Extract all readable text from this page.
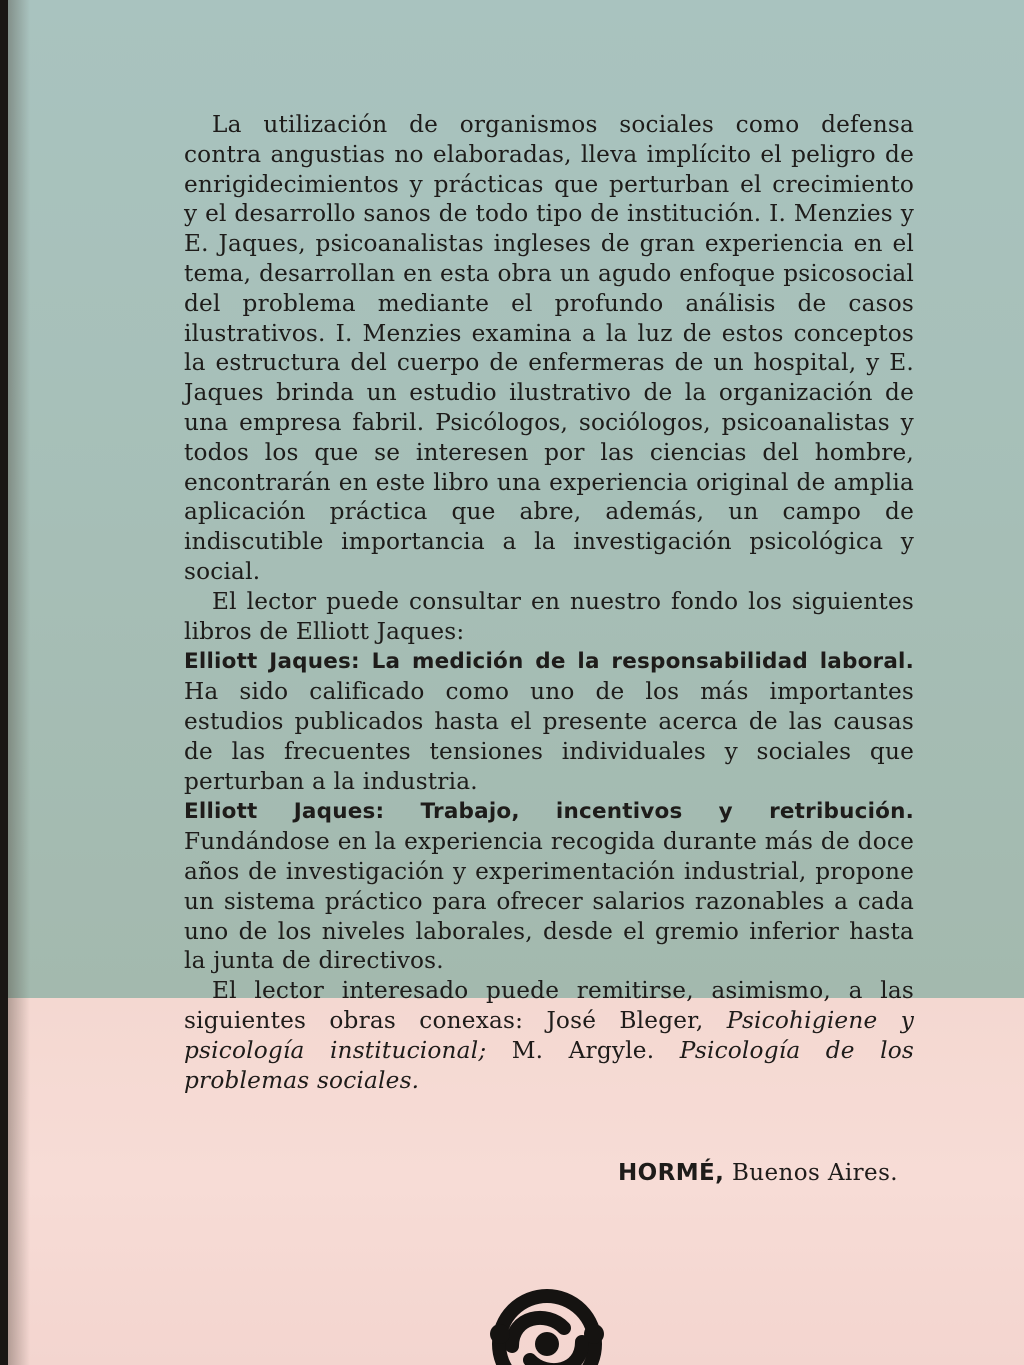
La utilización de organismos sociales como defensa contra angustias no elaboradas, lleva implícito el peligro de enrigidecimientos y prácticas que perturban el crecimiento y el desarrollo sanos de todo tipo de institución. I. Menzies y E. Jaques, psicoanalistas ingleses de gran experiencia en el tema, desarrollan en esta obra un agudo enfoque psicosocial del problema mediante el profundo análisis de casos ilustrativos. I. Menzies examina a la luz de estos conceptos la estructura del cuerpo de enfermeras de un hospital, y E. Jaques brinda un estudio ilustrativo de la organización de una empresa fabril. Psicólogos, sociólogos, psicoanalistas y todos los que se interesen por las ciencias del hombre, encontrarán en este libro una experiencia original de amplia aplicación práctica que abre, además, un campo de indiscutible importancia a la investigación psicológica y social.

El lector puede consultar en nuestro fondo los siguientes libros de Elliott Jaques:

Elliott Jaques: La medición de la responsabilidad laboral. Ha sido calificado como uno de los más importantes estudios publicados hasta el presente acerca de las causas de las frecuentes tensiones individuales y sociales que perturban a la industria.

Elliott Jaques: Trabajo, incentivos y retribución. Fundándose en la experiencia recogida durante más de doce años de investigación y experimentación industrial, propone un sistema práctico para ofrecer salarios razonables a cada uno de los niveles laborales, desde el gremio inferior hasta la junta de directivos.

El lector interesado puede remitirse, asimismo, a las siguientes obras conexas: José Bleger, Psicohigiene y psicología institucional; M. Argyle. Psicología de los problemas sociales.

HORMÉ, Buenos Aires.
